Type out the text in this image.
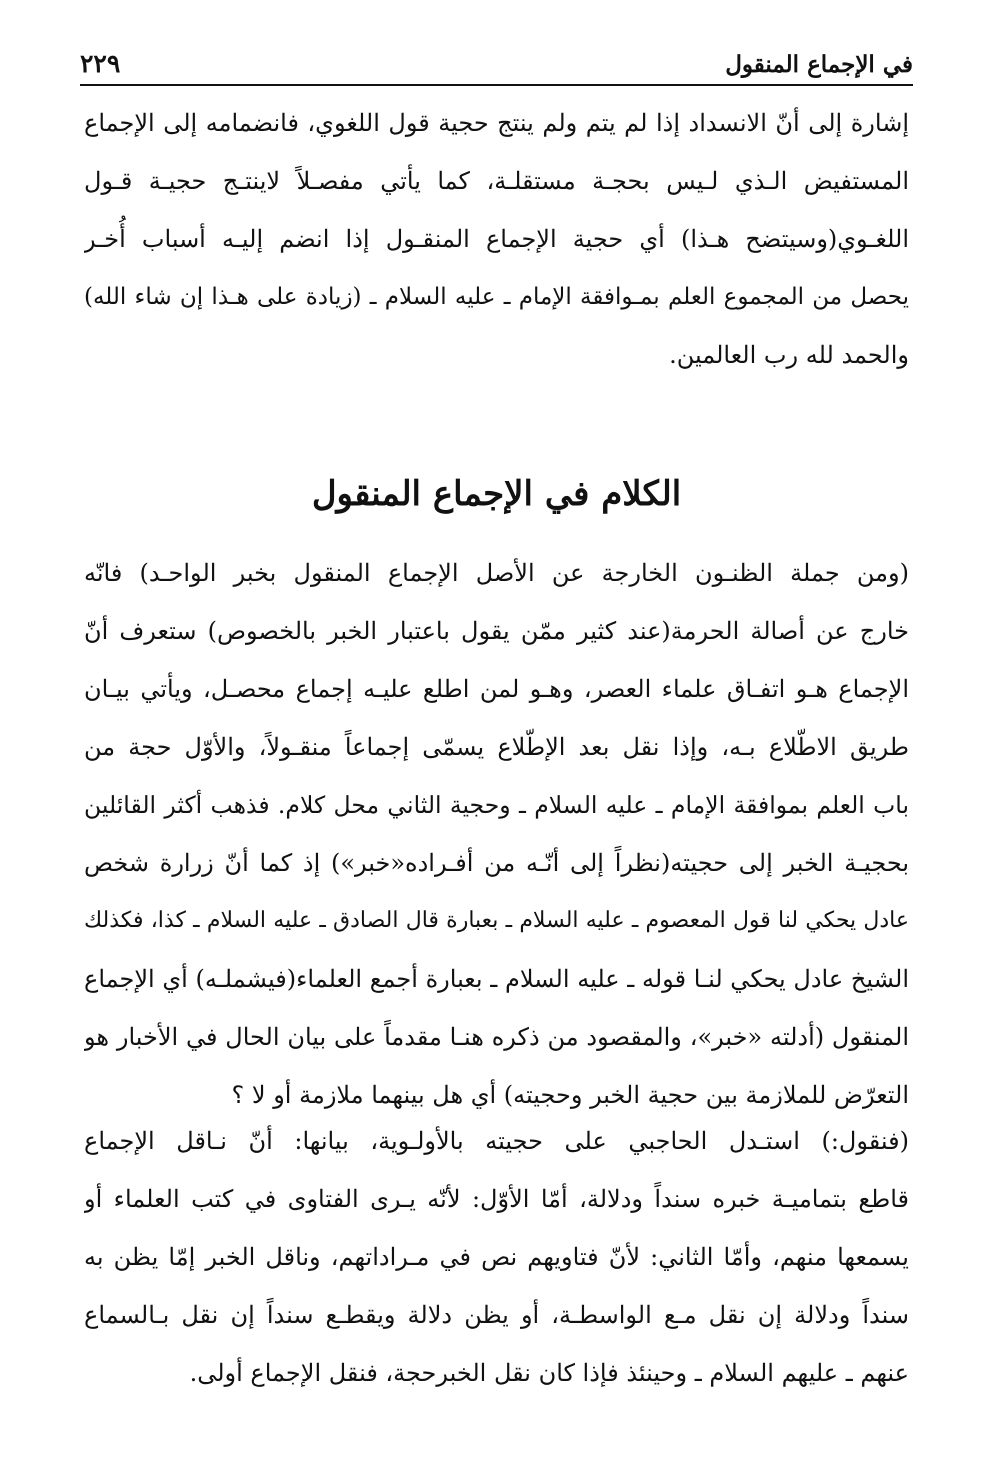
في الإجماع المنقول
٢٢٩
إشارة إلى أنّ الانسداد إذا لم يتم ولم ينتج حجية قول اللغوي، فانضمامه إلى الإجماع
المستفيض الـذي لـيس بحجـة مستقلـة، كما يأتي مفصـلاً لاينتـج حجيـة قـول
اللغـوي(وسيتضح هـذا) أي حجية الإجماع المنقـول إذا انضم إليـه أسباب أُخـر
يحصل من المجموع العلم بمـوافقة الإمام ـ عليه السلام ـ (زيادة على هـذا إن شاء الله)
والحمد لله رب العالمين.
الكلام في الإجماع المنقول
(ومن جملة الظنـون الخارجة عن الأصل الإجماع المنقول بخبر الواحـد) فانّه
خارج عن أصالة الحرمة(عند كثير ممّن يقول باعتبار الخبر بالخصوص) ستعرف أنّ
الإجماع هـو اتفـاق علماء العصر، وهـو لمن اطلع عليـه إجماع محصـل، ويأتي بيـان
طريق الاطّلاع بـه، وإذا نقل بعد الإطّلاع يسمّى إجماعاً منقـولاً، والأوّل حجة من
باب العلم بموافقة الإمام ـ عليه السلام ـ وحجية الثاني محل كلام. فذهب أكثر القائلين
بحجيـة الخبر إلى حجيته(نظراً إلى أنّـه من أفـراده«خبر») إذ كما أنّ زرارة شخص
عادل يحكي لنا قول المعصوم ـ عليه السلام ـ بعبارة قال الصادق ـ عليه السلام ـ كذا، فكذلك
الشيخ عادل يحكي لنـا قوله ـ عليه السلام ـ بعبارة أجمع العلماء(فيشملـه) أي الإجماع
المنقول (أدلته «خبر»، والمقصود من ذكره هنـا مقدماً على بيان الحال في الأخبار هو
التعرّض للملازمة بين حجية الخبر وحجيته) أي هل بينهما ملازمة أو لا ؟
(فنقول:) استـدل الحاجبي على حجيته بالأولـوية، بيانها: أنّ نـاقل الإجماع
قاطع بتماميـة خبره سنداً ودلالة، أمّا الأوّل: لأنّه يـرى الفتاوى في كتب العلماء أو
يسمعها منهم، وأمّا الثاني: لأنّ فتاويهم نص في مـراداتهم، وناقل الخبر إمّا يظن به
سنداً ودلالة إن نقل مـع الواسطـة، أو يظن دلالة ويقطـع سنداً إن نقل بـالسماع
عنهم ـ عليهم السلام ـ وحينئذ فإذا كان نقل الخبرحجة، فنقل الإجماع أولى.
